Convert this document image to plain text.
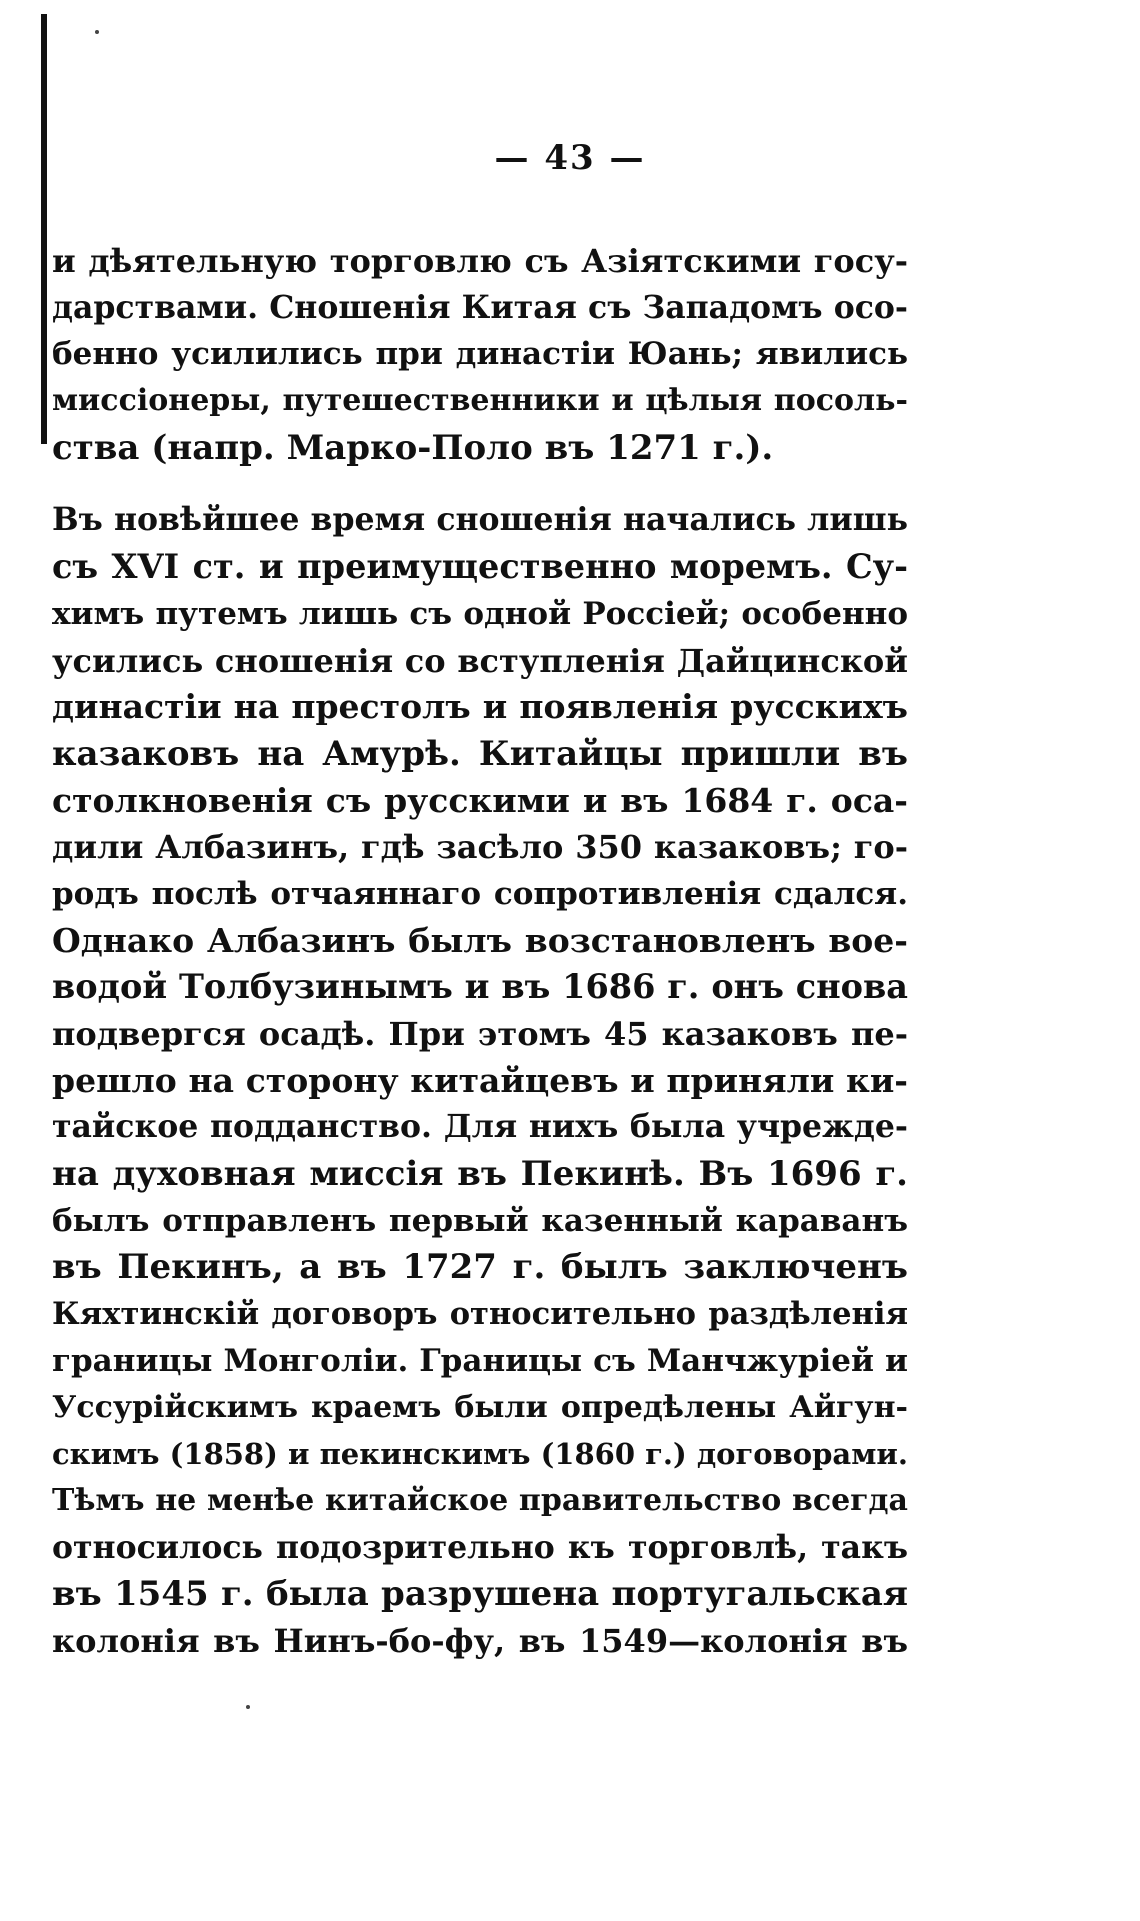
— 43 —

и дѣятельную торговлю съ Азіятскими госу-
дарствами. Сношенія Китая съ Западомъ осо-
бенно усилились при династіи Юань; явились
миссіонеры, путешественники и цѣлыя посоль-
ства (напр. Марко-Поло въ 1271 г.).

Въ новѣйшее время сношенія начались лишь
съ XVI ст. и преимущественно моремъ. Су-
химъ путемъ лишь съ одной Россіей; особенно
усились сношенія со вступленія Дайцинской
династіи на престолъ и появленія русскихъ
казаковъ на Амурѣ. Китайцы пришли въ
столкновенія съ русскими и въ 1684 г. оса-
дили Албазинъ, гдѣ засѣло 350 казаковъ; го-
родъ послѣ отчаяннаго сопротивленія сдался.
Однако Албазинъ былъ возстановленъ вое-
водой Толбузинымъ и въ 1686 г. онъ снова
подвергся осадѣ. При этомъ 45 казаковъ пе-
решло на сторону китайцевъ и приняли ки-
тайское подданство. Для нихъ была учрежде-
на духовная миссія въ Пекинѣ. Въ 1696 г.
былъ отправленъ первый казенный караванъ
въ Пекинъ, а въ 1727 г. былъ заключенъ
Кяхтинскій договоръ относительно раздѣленія
границы Монголіи. Границы съ Манчжуріей и
Уссурійскимъ краемъ были опредѣлены Айгун-
скимъ (1858) и пекинскимъ (1860 г.) договорами.
Тѣмъ не менѣе китайское правительство всегда
относилось подозрительно къ торговлѣ, такъ
въ 1545 г. была разрушена португальская
колонія въ Нинъ-бо-фу, въ 1549—колонія въ
